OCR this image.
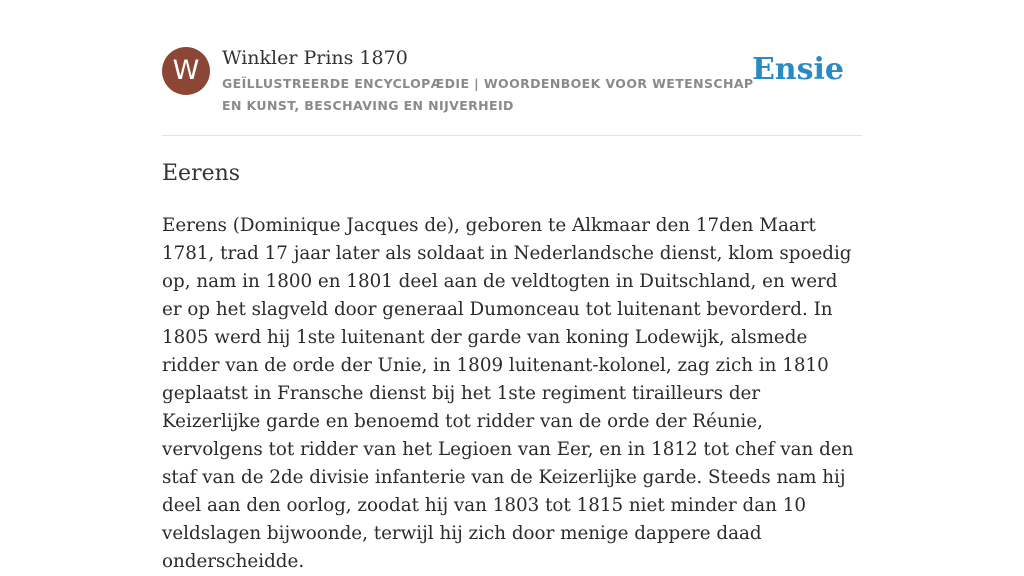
W	Winkler Prins 1870
GEÏLLUSTREERDE ENCYCLOPÆDIE | WOORDENBOEK VOOR WETENSCHAP EN KUNST, BESCHAVING EN NIJVERHEID
Ensie
Eerens

Eerens (Dominique Jacques de), geboren te Alkmaar den 17den Maart 1781, trad 17 jaar later als soldaat in Nederlandsche dienst, klom spoedig op, nam in 1800 en 1801 deel aan de veldtogten in Duitschland, en werd er op het slagveld door generaal Dumonceau tot luitenant bevorderd. In 1805 werd hij 1ste luitenant der garde van koning Lodewijk, alsmede ridder van de orde der Unie, in 1809 luitenant-kolonel, zag zich in 1810 geplaatst in Fransche dienst bij het 1ste regiment tirailleurs der Keizerlijke garde en benoemd tot ridder van de orde der Réunie, vervolgens tot ridder van het Legioen van Eer, en in 1812 tot chef van den staf van de 2de divisie infanterie van de Keizerlijke garde. Steeds nam hij deel aan den oorlog, zoodat hij van 1803 tot 1815 niet minder dan 10 veldslagen bijwoonde, terwijl hij zich door menige dappere daad onderscheidde.
